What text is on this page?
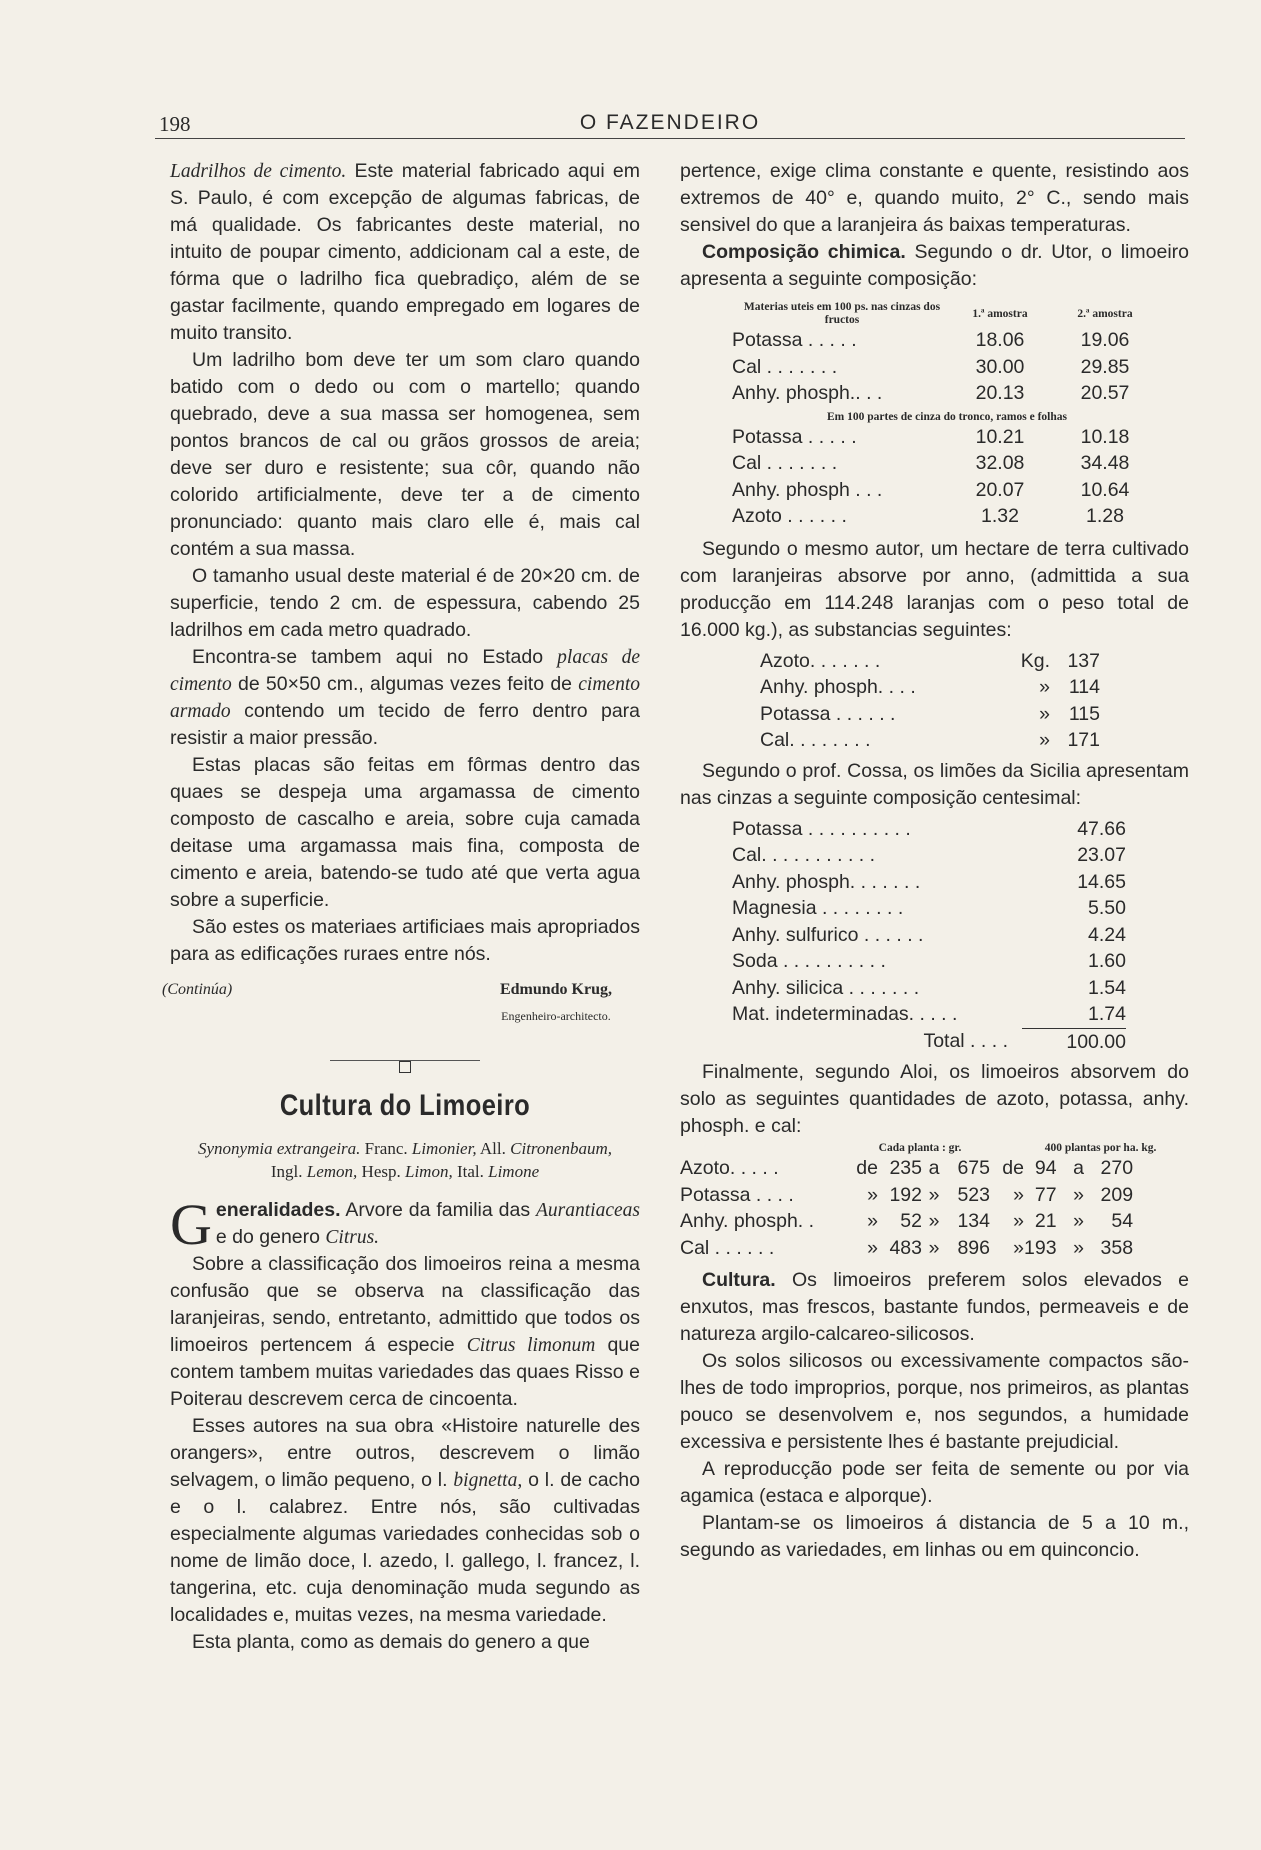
198	O FAZENDEIRO

Ladrilhos de cimento. Este material fabricado aqui em S. Paulo, é com excepção de algumas fabricas, de má qualidade. Os fabricantes deste material, no intuito de poupar cimento, addicionam cal a este, de fórma que o ladrilho fica quebradiço, além de se gastar facilmente, quando empregado em logares de muito transito.

Um ladrilho bom deve ter um som claro quando batido com o dedo ou com o martello; quando quebrado, deve a sua massa ser homogenea, sem pontos brancos de cal ou grãos grossos de areia; deve ser duro e resistente; sua côr, quando não colorido artificialmente, deve ter a de cimento pronunciado: quanto mais claro elle é, mais cal contém a sua massa.

O tamanho usual deste material é de 20×20 cm. de superficie, tendo 2 cm. de espessura, cabendo 25 ladrilhos em cada metro quadrado.

Encontra-se tambem aqui no Estado placas de cimento de 50×50 cm., algumas vezes feito de cimento armado contendo um tecido de ferro dentro para resistir a maior pressão.

Estas placas são feitas em fôrmas dentro das quaes se despeja uma argamassa de cimento composto de cascalho e areia, sobre cuja camada deitase uma argamassa mais fina, composta de cimento e areia, batendo-se tudo até que verta agua sobre a superficie.

São estes os materiaes artificiaes mais apropriados para as edificações ruraes entre nós.

(Continúa)	Edmundo Krug,
Engenheiro-architecto.
Cultura do Limoeiro
Synonymia extrangeira. Franc. Limonier, All. Citronenbaum,
Ingl. Lemon, Hesp. Limon, Ital. Limone

Generalidades. Arvore da familia das Aurantiaceas e do genero Citrus.

Sobre a classificação dos limoeiros reina a mesma confusão que se observa na classificação das laranjeiras, sendo, entretanto, admittido que todos os limoeiros pertencem á especie Citrus limonum que contem tambem muitas variedades das quaes Risso e Poiterau descrevem cerca de cincoenta.

Esses autores na sua obra «Histoire naturelle des orangers», entre outros, descrevem o limão selvagem, o limão pequeno, o l. bignetta, o l. de cacho e o l. calabrez. Entre nós, são cultivadas especialmente algumas variedades conhecidas sob o nome de limão doce, l. azedo, l. gallego, l. francez, l. tangerina, etc. cuja denominação muda segundo as localidades e, muitas vezes, na mesma variedade.

Esta planta, como as demais do genero a que

pertence, exige clima constante e quente, resistindo aos extremos de 40° e, quando muito, 2° C., sendo mais sensivel do que a laranjeira ás baixas temperaturas.

Composição chimica. Segundo o dr. Utor, o limoeiro apresenta a seguinte composição:

Materias uteis em 100 ps. nas cinzas dos fructos	1.ª amostra	2.ª amostra
Potassa . . . . .	18.06	19.06
Cal . . . . . . .	30.00	29.85
Anhy. phosph.. . .	20.13	20.57
Em 100 partes de cinza do tronco, ramos e folhas		
Potassa . . . . .	10.21	10.18
Cal . . . . . . .	32.08	34.48
Anhy. phosph . . .	20.07	10.64
Azoto . . . . . .	1.32	1.28

Segundo o mesmo autor, um hectare de terra cultivado com laranjeiras absorve por anno, (admittida a sua producção em 114.248 laranjas com o peso total de 16.000 kg.), as substancias seguintes:

Azoto. . . . . . .	Kg.	137
Anhy. phosph. . . .	»	114
Potassa . . . . . .	»	115
Cal. . . . . . . .	»	171

Segundo o prof. Cossa, os limões da Sicilia apresentam nas cinzas a seguinte composição centesimal:

Potassa . . . . . . . . . .	47.66
Cal. . . . . . . . . . .	23.07
Anhy. phosph. . . . . . .	14.65
Magnesia . . . . . . . .	5.50
Anhy. sulfurico . . . . . .	4.24
Soda . . . . . . . . . .	1.60
Anhy. silicica . . . . . . .	1.54
Mat. indeterminadas. . . . .	1.74
Total . . . .	100.00

Finalmente, segundo Aloi, os limoeiros absorvem do solo as seguintes quantidades de azoto, potassa, anhy. phosph. e cal:

	Cada planta : gr.					400 plantas por ha. kg.		
Azoto. . . . .	de	235	a	675	de	94	a	270
Potassa . . . .	»	192	»	523	»	77	»	209
Anhy. phosph. .	»	52	»	134	»	21	»	54
Cal . . . . . .	»	483	»	896	»	193	»	358

Cultura. Os limoeiros preferem solos elevados e enxutos, mas frescos, bastante fundos, permeaveis e de natureza argilo-calcareo-silicosos.

Os solos silicosos ou excessivamente compactos são-lhes de todo improprios, porque, nos primeiros, as plantas pouco se desenvolvem e, nos segundos, a humidade excessiva e persistente lhes é bastante prejudicial.

A reproducção pode ser feita de semente ou por via agamica (estaca e alporque).

Plantam-se os limoeiros á distancia de 5 a 10 m., segundo as variedades, em linhas ou em quinconcio.
